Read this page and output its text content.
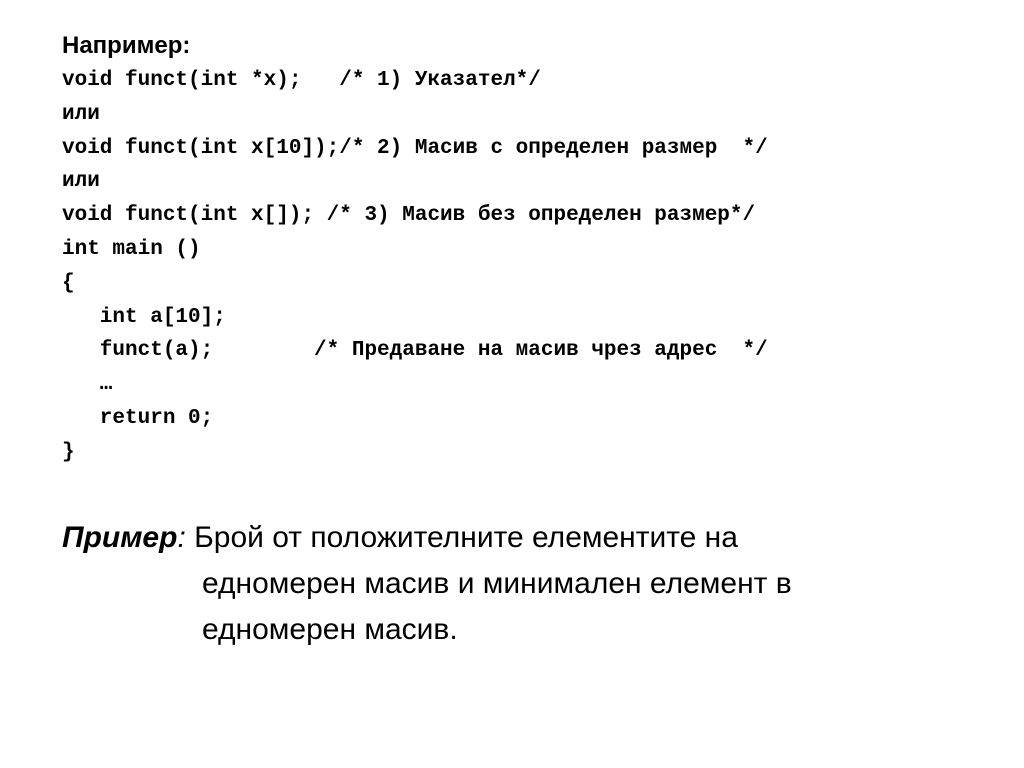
Например:
void funct(int *x);   /* 1) Указател*/
или
void funct(int x[10]);/* 2) Масив с определен размер  */
или
void funct(int x[]); /* 3) Масив без определен размер*/
int main ()
{
int a[10];
funct(a);        /* Предаване на масив чрез адрес  */
…
return 0;
}
Пример: Брой от положителните елементите на
едномерен масив и минимален елемент в
едномерен масив.
